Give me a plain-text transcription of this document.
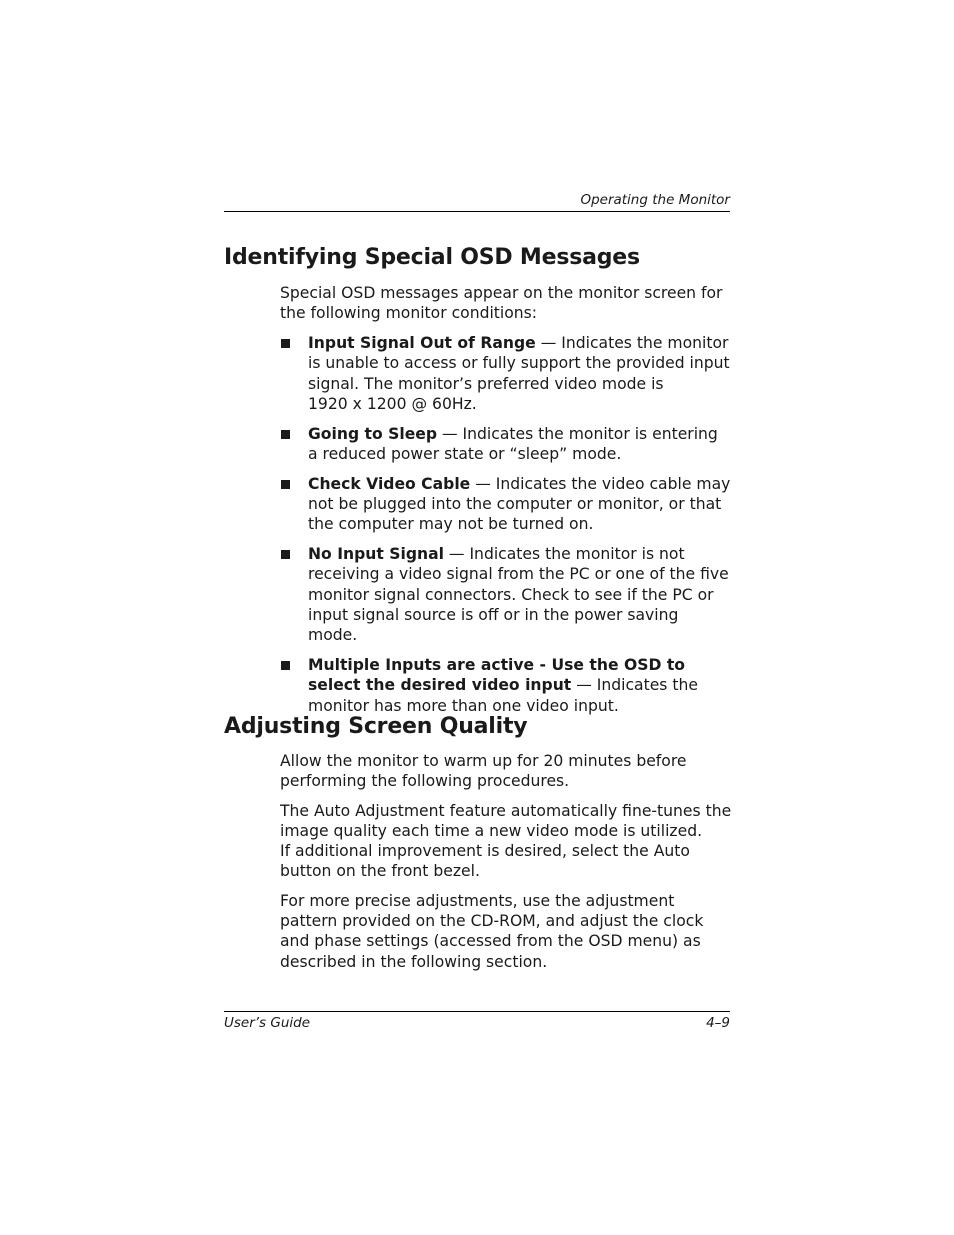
Operating the Monitor
Identifying Special OSD Messages

Special OSD messages appear on the monitor screen for the following monitor conditions:

Input Signal Out of Range — Indicates the monitor is unable to access or fully support the provided input signal. The monitor’s preferred video mode is
1920 x 1200 @ 60Hz.
Going to Sleep — Indicates the monitor is entering a reduced power state or “sleep” mode.
Check Video Cable — Indicates the video cable may not be plugged into the computer or monitor, or that the computer may not be turned on.
No Input Signal — Indicates the monitor is not receiving a video signal from the PC or one of the five monitor signal connectors. Check to see if the PC or input signal source is off or in the power saving mode.
Multiple Inputs are active - Use the OSD to select the desired video input — Indicates the monitor has more than one video input.
Adjusting Screen Quality

Allow the monitor to warm up for 20 minutes before performing the following procedures.

The Auto Adjustment feature automatically fine-tunes the image quality each time a new video mode is utilized.
If additional improvement is desired, select the Auto button on the front bezel.

For more precise adjustments, use the adjustment pattern provided on the CD-ROM, and adjust the clock and phase settings (accessed from the OSD menu) as described in the following section.

User’s Guide	4–9
